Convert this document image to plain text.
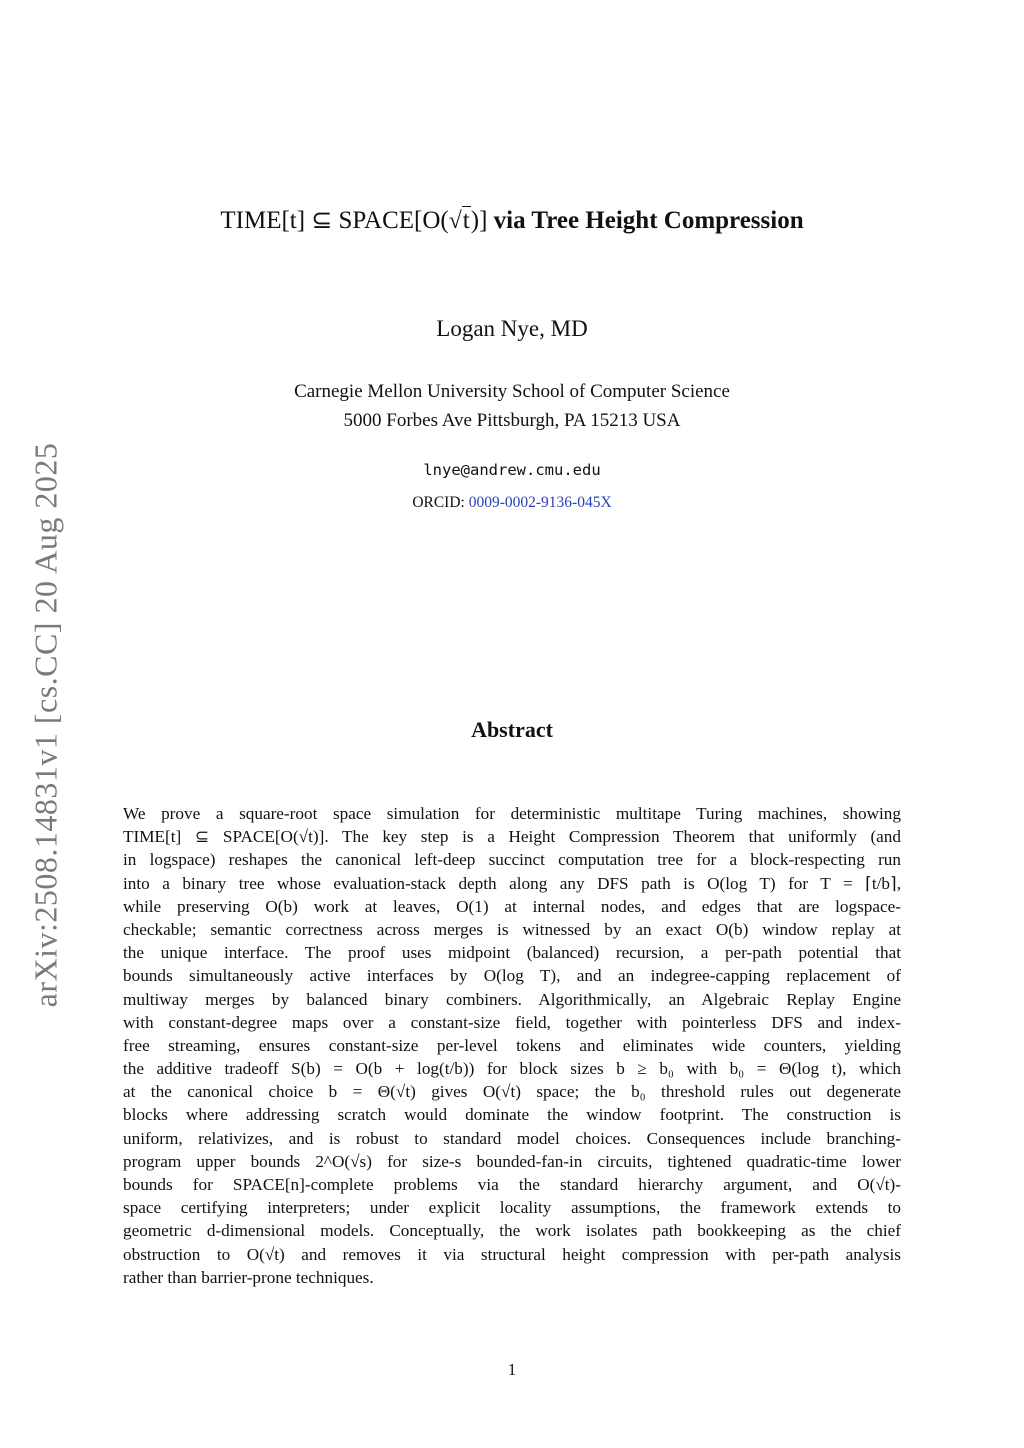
arXiv:2508.14831v1 [cs.CC] 20 Aug 2025
TIME[t] ⊆ SPACE[O(√t)] via Tree Height Compression
Logan Nye, MD
Carnegie Mellon University School of Computer Science
5000 Forbes Ave Pittsburgh, PA 15213 USA
lnye@andrew.cmu.edu
ORCID: 0009-0002-9136-045X
Abstract
We prove a square-root space simulation for deterministic multitape Turing machines, showing
TIME[t] ⊆ SPACE[O(√t)]. The key step is a Height Compression Theorem that uniformly (and
in logspace) reshapes the canonical left-deep succinct computation tree for a block-respecting run
into a binary tree whose evaluation-stack depth along any DFS path is O(log T) for T = ⌈t/b⌉,
while preserving O(b) work at leaves, O(1) at internal nodes, and edges that are logspace-
checkable; semantic correctness across merges is witnessed by an exact O(b) window replay at
the unique interface. The proof uses midpoint (balanced) recursion, a per-path potential that
bounds simultaneously active interfaces by O(log T), and an indegree-capping replacement of
multiway merges by balanced binary combiners. Algorithmically, an Algebraic Replay Engine
with constant-degree maps over a constant-size field, together with pointerless DFS and index-
free streaming, ensures constant-size per-level tokens and eliminates wide counters, yielding
the additive tradeoff S(b) = O(b + log(t/b)) for block sizes b ≥ b₀ with b₀ = Θ(log t), which
at the canonical choice b = Θ(√t) gives O(√t) space; the b₀ threshold rules out degenerate
blocks where addressing scratch would dominate the window footprint. The construction is
uniform, relativizes, and is robust to standard model choices. Consequences include branching-
program upper bounds 2^O(√s) for size-s bounded-fan-in circuits, tightened quadratic-time lower
bounds for SPACE[n]-complete problems via the standard hierarchy argument, and O(√t)-
space certifying interpreters; under explicit locality assumptions, the framework extends to
geometric d-dimensional models. Conceptually, the work isolates path bookkeeping as the chief
obstruction to O(√t) and removes it via structural height compression with per-path analysis
rather than barrier-prone techniques.
1
